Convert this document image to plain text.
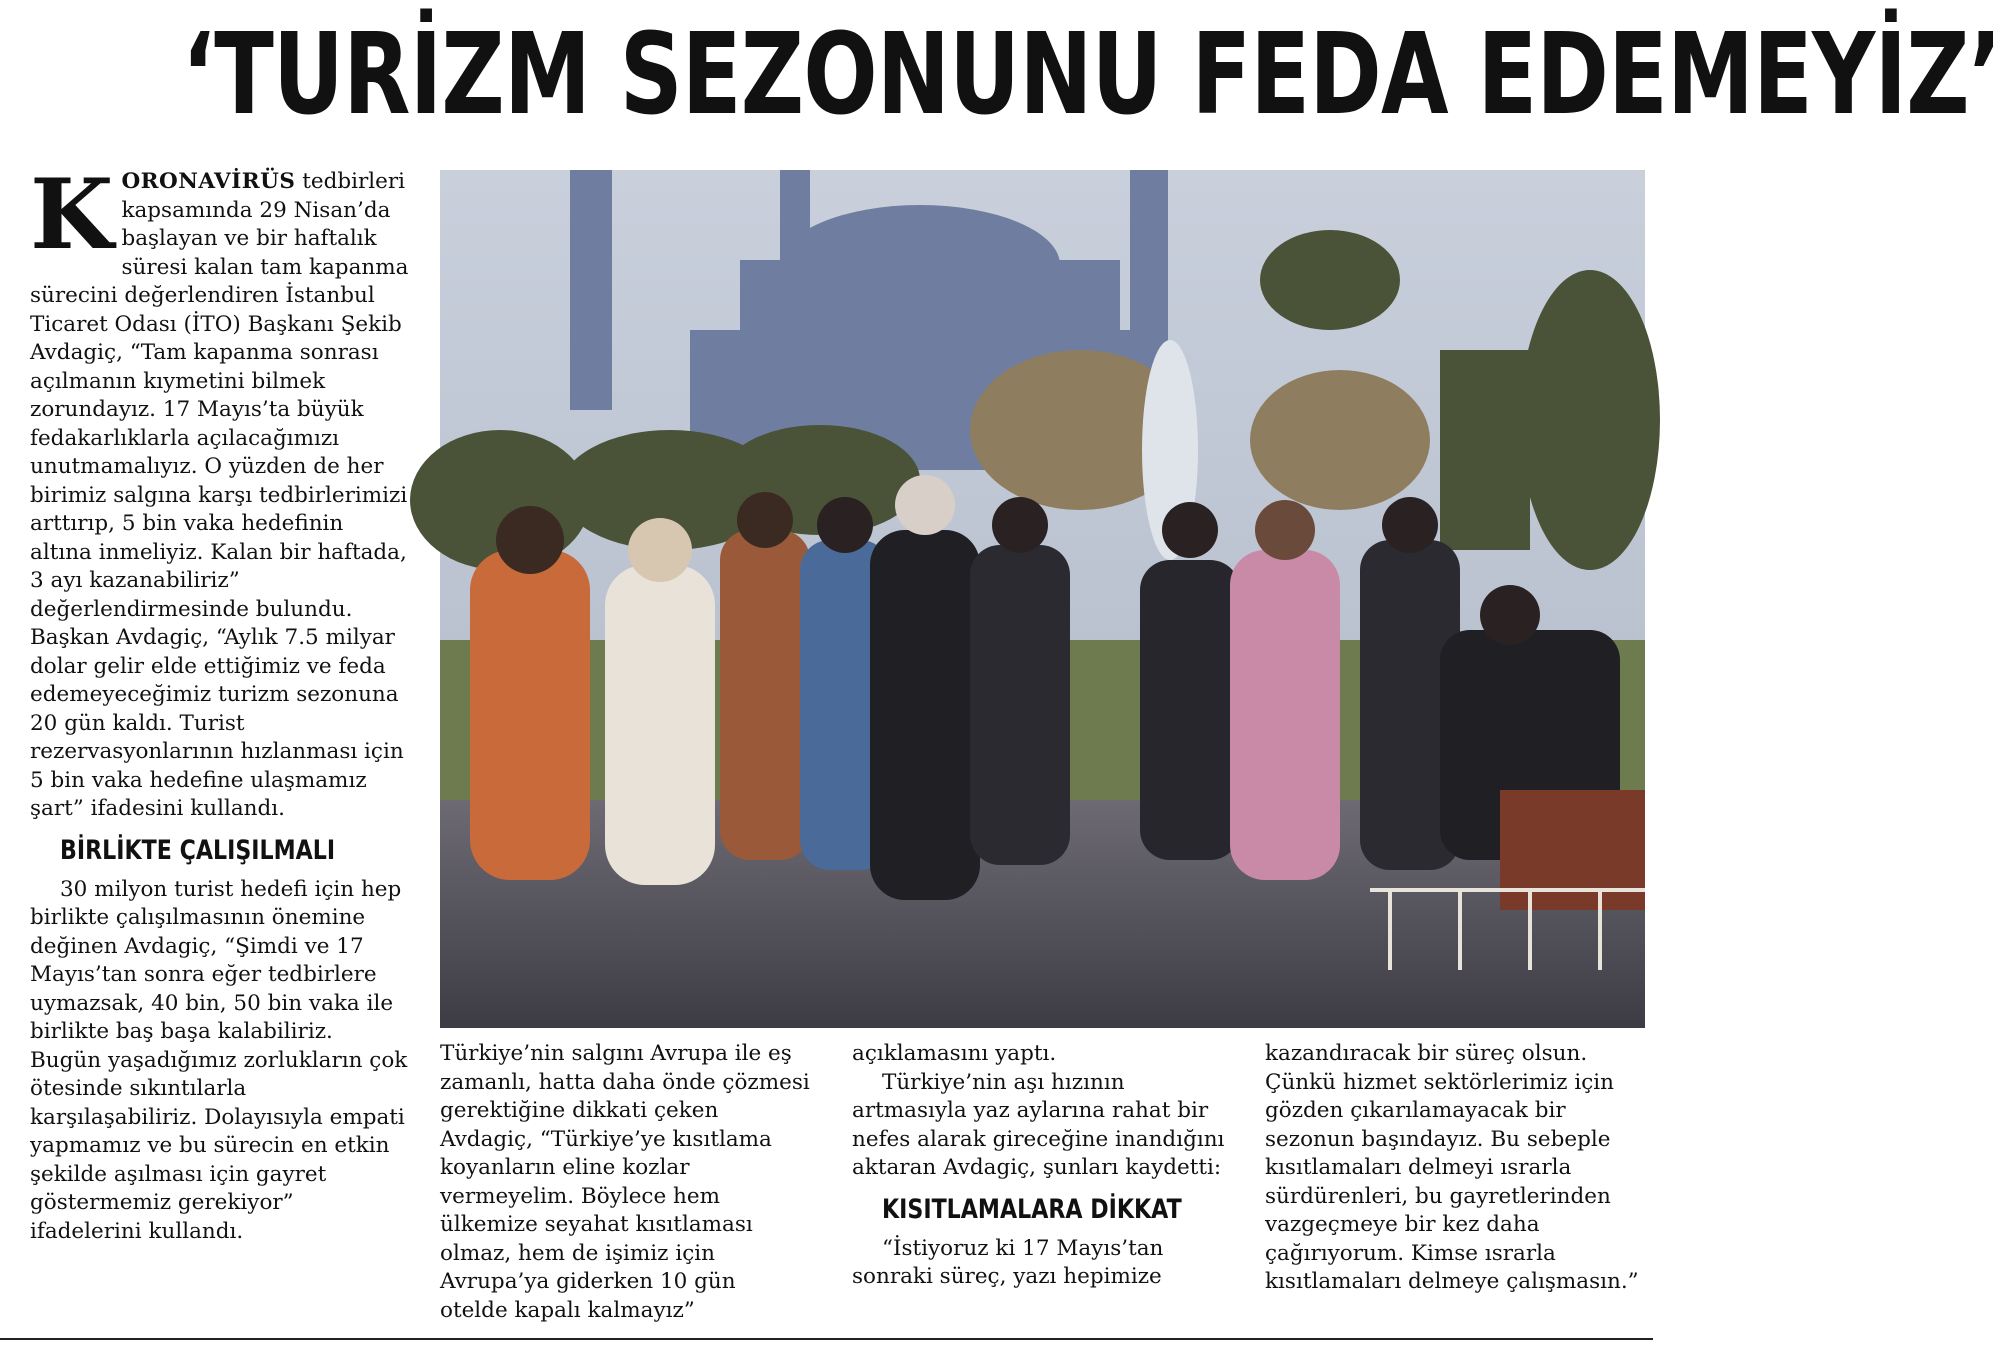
‘TURİZM SEZONUNU FEDA EDEMEYİZ’

KORONAVİRÜS tedbirleri kapsamında 29 Nisan’da başlayan ve bir haftalık süresi kalan tam kapanma sürecini değerlendiren İstanbul Ticaret Odası (İTO) Başkanı Şekib Avdagiç, “Tam kapanma sonrası açılmanın kıymetini bilmek zorundayız. 17 Mayıs’ta büyük fedakarlıklarla açılacağımızı unutmamalıyız. O yüzden de her birimiz salgına karşı tedbirlerimizi arttırıp, 5 bin vaka hedefinin altına inmeliyiz. Kalan bir haftada, 3 ayı kazanabiliriz” değerlendirmesinde bulundu. Başkan Avdagiç, “Aylık 7.5 milyar dolar gelir elde ettiğimiz ve feda edemeyeceğimiz turizm sezonuna 20 gün kaldı. Turist rezervasyonlarının hızlanması için 5 bin vaka hedefine ulaşmamız şart” ifadesini kullandı.

BİRLİKTE ÇALIŞILMALI

30 milyon turist hedefi için hep birlikte çalışılmasının önemine değinen Avdagiç, “Şimdi ve 17 Mayıs’tan sonra eğer tedbirlere uymazsak, 40 bin, 50 bin vaka ile birlikte baş başa kalabiliriz. Bugün yaşadığımız zorlukların çok ötesinde sıkıntılarla karşılaşabiliriz. Dolayısıyla empati yapmamız ve bu sürecin en etkin şekilde aşılması için gayret göstermemiz gerekiyor” ifadelerini kullandı.

Türkiye’nin salgını Avrupa ile eş zamanlı, hatta daha önde çözmesi gerektiğine dikkati çeken Avdagiç, “Türkiye’ye kısıtlama koyanların eline kozlar vermeyelim. Böylece hem ülkemize seyahat kısıtlaması olmaz, hem de işimiz için Avrupa’ya giderken 10 gün otelde kapalı kalmayız”

açıklamasını yaptı.

Türkiye’nin aşı hızının artmasıyla yaz aylarına rahat bir nefes alarak gireceğine inandığını aktaran Avdagiç, şunları kaydetti:

KISITLAMALARA DİKKAT

“İstiyoruz ki 17 Mayıs’tan sonraki süreç, yazı hepimize

kazandıracak bir süreç olsun. Çünkü hizmet sektörlerimiz için gözden çıkarılamayacak bir sezonun başındayız. Bu sebeple kısıtlamaları delmeyi ısrarla sürdürenleri, bu gayretlerinden vazgeçmeye bir kez daha çağırıyorum. Kimse ısrarla kısıtlamaları delmeye çalışmasın.”
